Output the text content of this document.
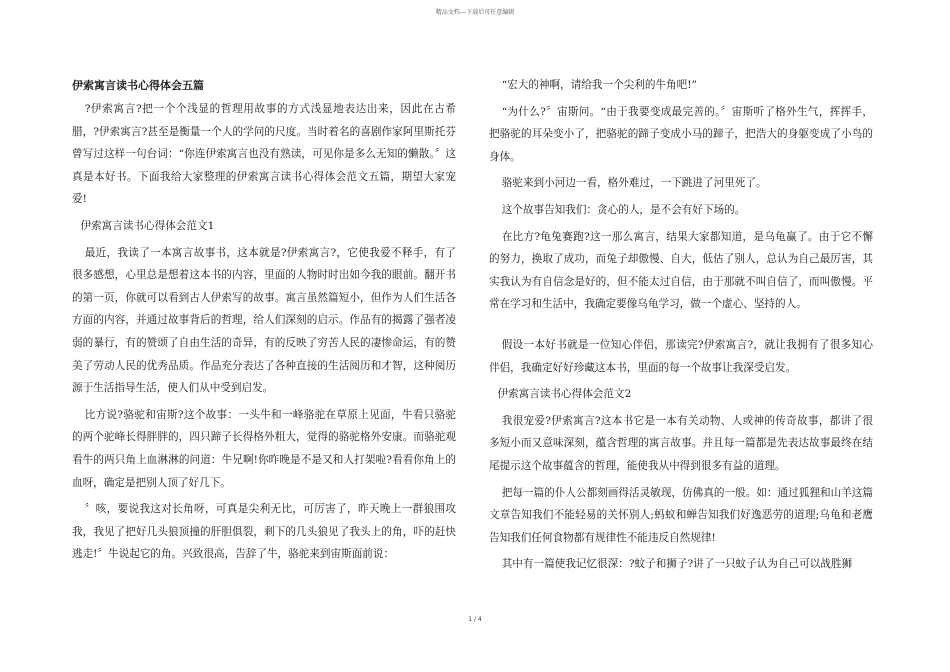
精品文档---下载后可任意编辑
伊索寓言读书心得体会五篇
?伊索寓言?把一个个浅显的哲理用故事的方式浅显地表达出来，因此在古希腊，?伊索寓言?甚至是衡量一个人的学问的尺度。当时着名的喜剧作家阿里斯托芬曾写过这样一句台词：“你连伊索寓言也没有熟读，可见你是多么无知的懒散。〞这真是本好书。下面我给大家整理的伊索寓言读书心得体会范文五篇，期望大家宠爱!
伊索寓言读书心得体会范文1
最近，我读了一本寓言故事书，这本就是?伊索寓言?，它使我爱不释手，有了很多感想，心里总是想着这本书的内容，里面的人物时时出如今我的眼前。翻开书的第一页，你就可以看到古人伊索写的故事。寓言虽然篇短小，但作为人们生活各方面的内容，并通过故事背后的哲理，给人们深刻的启示。作品有的揭露了强者凌弱的暴行，有的赞颂了自由生活的奇异，有的反映了穷苦人民的凄惨命运，有的赞美了劳动人民的优秀品质。作品充分表达了各种直接的生活阅历和才智，这种阅历源于生活指导生活，使人们从中受到启发。
比方说?骆驼和宙斯?这个故事：一头牛和一峰骆驼在草原上见面，牛看只骆驼的两个驼峰长得胖胖的，四只蹄子长得格外粗大，觉得的骆驼格外安康。而骆驼观看牛的两只角上血淋淋的问道：牛兄啊!你昨晚是不是又和人打架啦?看看你角上的血呀，确定是把别人顶了好几下。
〞咳，要说我这对长角呀，可真是尖利无比，可厉害了，昨天晚上一群狼围攻我，我见了把好几头狼顶撞的肝胆俱裂，剩下的几头狼见了我头上的角，吓的赶快逃走!〞牛说起它的角。兴致很高，告辞了牛，骆驼来到宙斯面前说：
“宏大的神啊，请给我一个尖利的牛角吧!”
“为什么?〞宙斯问。“由于我要变成最完善的。〞宙斯听了格外生气，挥挥手，把骆驼的耳朵变小了，把骆驼的蹄子变成小马的蹄子，把浩大的身躯变成了小鸟的身体。
骆驼来到小河边一看，格外难过，一下跳进了河里死了。
这个故事告知我们：贪心的人，是不会有好下场的。
在比方?龟兔赛跑?这一那么寓言，结果大家都知道，是乌龟赢了。由于它不懈的努力，换取了成功，而兔子却傲慢、自大，低估了别人，总认为自己最厉害，其实我认为有自信念是好的，但不能太过自信，由于那就不叫自信了，而叫傲慢。平常在学习和生活中，我确定要像乌龟学习，做一个虚心、坚持的人。
假设一本好书就是一位知心伴侣，那读完?伊索寓言?，就让我拥有了很多知心伴侣，我确定好好珍藏这本书，里面的每一个故事让我深受启发。
伊索寓言读书心得体会范文2
我很宠爱?伊索寓言?这本书它是一本有关动物、人或神的传奇故事，都讲了很多短小而又意味深刻，蕴含哲理的寓言故事。并且每一篇都是先表达故事最终在结尾提示这个故事蕴含的哲理，能使我从中得到很多有益的道理。
把每一篇的仆人公都刻画得活灵敏现，仿佛真的一般。如：通过狐狸和山羊这篇文章告知我们不能轻易的关怀别人;蚂蚁和蝉告知我们好逸恶劳的道理;乌龟和老鹰告知我们任何食物都有规律性不能违反自然规律!
其中有一篇使我记忆很深：?蚊子和狮子?讲了一只蚊子认为自己可以战胜狮
1 / 4
